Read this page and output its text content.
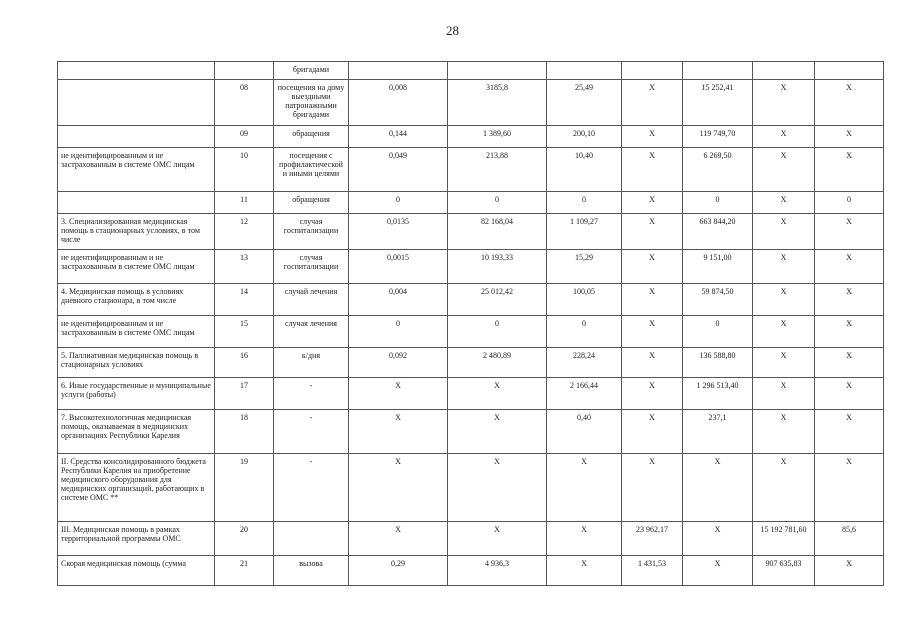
28
		бригадами							
	08	посещения на дому выездными патронажными бригадами	0,008	3185,8	25,49	Х	15 252,41	Х	Х
	09	обращения	0,144	1 389,60	200,10	Х	119 749,70	Х	Х
не идентифицированным и не застрахованным в системе ОМС лицам	10	посещения с профилактической и иными целями	0,049	213,88	10,40	Х	6 269,50	Х	Х
	11	обращения	0	0	0	Х	0	Х	0
3. Специализированная медицинская помощь в стационарных условиях, в том числе	12	случая госпитализации	0,0135	82 168,04	1 109,27	Х	663 844,20	Х	Х
не идентифицированным и не застрахованным в системе ОМС лицам	13	случая госпитализации	0,0015	10 193,33	15,29	Х	9 151,00	Х	Х
4. Медицинская помощь в условиях дневного стационара, в том числе	14	случай лечения	0,004	25 012,42	100,05	Х	59 874,50	Х	Х
не идентифицированным и не застрахованным в системе ОМС лицам	15	случая лечения	0	0	0	Х	0	Х	Х
5. Паллиативная медицинская помощь в стационарных условиях	16	к/дня	0,092	2 480,89	228,24	Х	136 588,80	Х	Х
6. Иные государственные и муниципальные услуги (работы)	17	-	Х	Х	2 166,44	Х	1 296 513,40	Х	Х
7. Высокотехнологичная медицинская помощь, оказываемая в медицинских организациях Республики Карелия	18	-	Х	Х	0,40	Х	237,1	Х	Х
II. Средства консолидированного бюджета Республики Карелия на приобретение медицинского оборудования для медицинских организаций, работающих в системе ОМС **	19	-	Х	Х	Х	Х	Х	Х	Х
III. Медицинская помощь в рамках территориальной программы ОМС	20		Х	Х	Х	23 962,17	Х	15 192 781,60	85,6
Скорая медицинская помощь (сумма	21	вызова	0,29	4 936,3	Х	1 431,53	Х	907 635,83	Х
